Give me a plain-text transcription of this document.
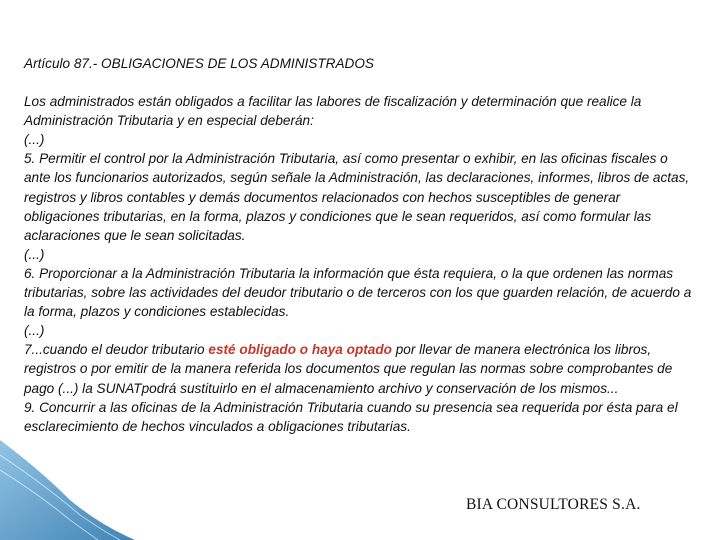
Artículo 87.- OBLIGACIONES DE LOS ADMINISTRADOS
Los administrados están obligados a facilitar las labores de fiscalización y determinación que realice la Administración Tributaria y en especial deberán:
(...)
5. Permitir el control por la Administración Tributaria, así como presentar o exhibir, en las oficinas fiscales o ante los funcionarios autorizados, según señale la Administración, las declaraciones, informes, libros de actas, registros y libros contables y demás documentos relacionados con hechos susceptibles de generar obligaciones tributarias, en la forma, plazos y condiciones que le sean requeridos, así como formular las aclaraciones que le sean solicitadas.
(...)
6. Proporcionar a la Administración Tributaria la información que ésta requiera, o la que ordenen las normas tributarias, sobre las actividades del deudor tributario o de terceros con los que guarden relación, de acuerdo a la forma, plazos y condiciones establecidas.
(...)
7...cuando el deudor tributario esté obligado o haya optado por llevar de manera electrónica los libros, registros o por emitir de la manera referida los documentos que regulan las normas sobre comprobantes de pago (...) la SUNATpodrá sustituirlo en el almacenamiento archivo y conservación de los mismos...
9. Concurrir a las oficinas de la Administración Tributaria cuando su presencia sea requerida por ésta para el esclarecimiento de hechos vinculados a obligaciones tributarias.
BIA CONSULTORES S.A.
